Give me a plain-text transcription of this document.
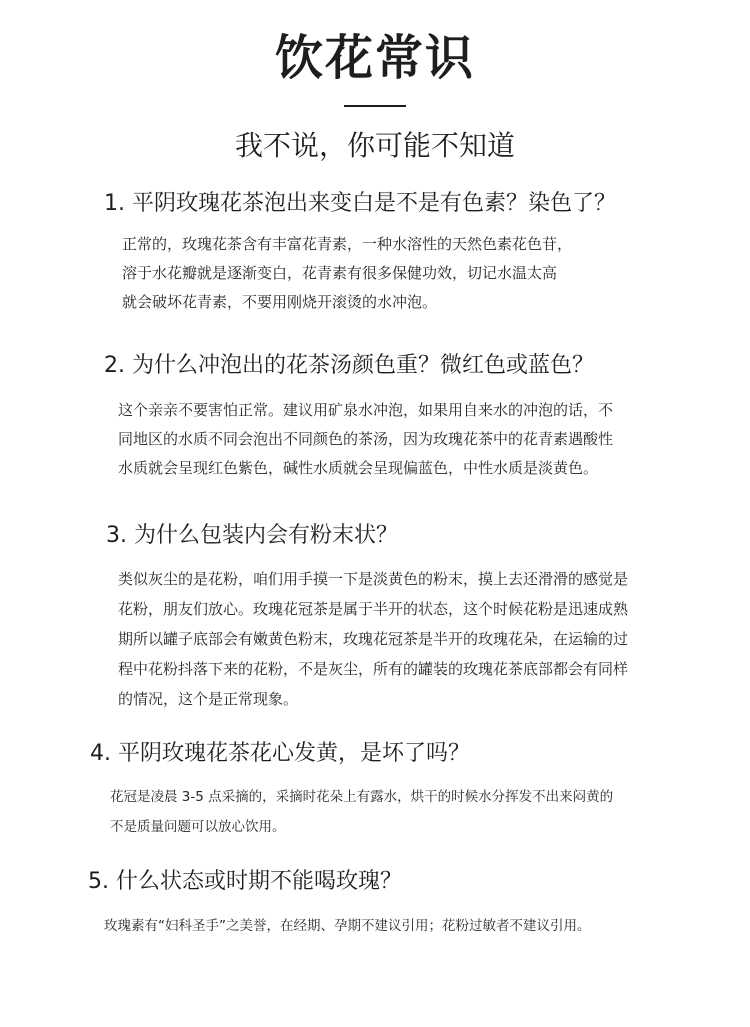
饮花常识
我不说，你可能不知道
1. 平阴玫瑰花茶泡出来变白是不是有色素？染色了？
正常的，玫瑰花茶含有丰富花青素，一种水溶性的天然色素花色苷，
溶于水花瓣就是逐渐变白，花青素有很多保健功效，切记水温太高
就会破坏花青素，不要用刚烧开滚烫的水冲泡。
2. 为什么冲泡出的花茶汤颜色重？微红色或蓝色？
这个亲亲不要害怕正常。建议用矿泉水冲泡，如果用自来水的冲泡的话，不
同地区的水质不同会泡出不同颜色的茶汤，因为玫瑰花茶中的花青素遇酸性
水质就会呈现红色紫色，碱性水质就会呈现偏蓝色，中性水质是淡黄色。
3. 为什么包装内会有粉末状？
类似灰尘的是花粉，咱们用手摸一下是淡黄色的粉末，摸上去还滑滑的感觉是
花粉，朋友们放心。玫瑰花冠茶是属于半开的状态，这个时候花粉是迅速成熟
期所以罐子底部会有嫩黄色粉末，玫瑰花冠茶是半开的玫瑰花朵，在运输的过
程中花粉抖落下来的花粉，不是灰尘，所有的罐装的玫瑰花茶底部都会有同样
的情况，这个是正常现象。
4. 平阴玫瑰花茶花心发黄，是坏了吗？
花冠是凌晨 3-5 点采摘的，采摘时花朵上有露水，烘干的时候水分挥发不出来闷黄的
不是质量问题可以放心饮用。
5. 什么状态或时期不能喝玫瑰？
玫瑰素有“妇科圣手”之美誉，在经期、孕期不建议引用；花粉过敏者不建议引用。
